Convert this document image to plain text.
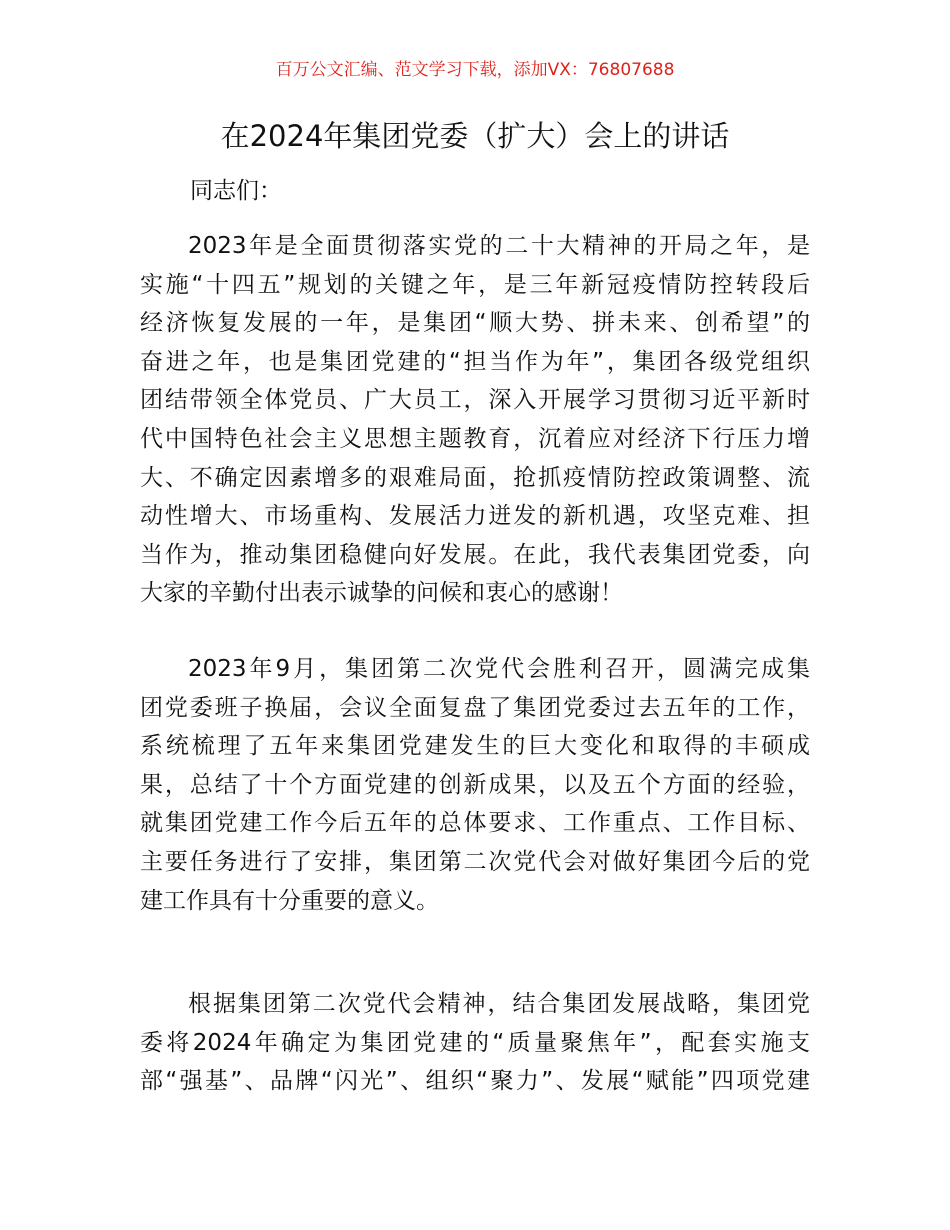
百万公文汇编、范文学习下载，添加VX：76807688
在2024年集团党委（扩大）会上的讲话
同志们：
2023年是全面贯彻落实党的二十大精神的开局之年，是
实施“十四五”规划的关键之年，是三年新冠疫情防控转段后
经济恢复发展的一年，是集团“顺大势、拼未来、创希望”的
奋进之年，也是集团党建的“担当作为年”，集团各级党组织
团结带领全体党员、广大员工，深入开展学习贯彻习近平新时
代中国特色社会主义思想主题教育，沉着应对经济下行压力增
大、不确定因素增多的艰难局面，抢抓疫情防控政策调整、流
动性增大、市场重构、发展活力迸发的新机遇，攻坚克难、担
当作为，推动集团稳健向好发展。在此，我代表集团党委，向
大家的辛勤付出表示诚挚的问候和衷心的感谢！
2023年9月，集团第二次党代会胜利召开，圆满完成集
团党委班子换届，会议全面复盘了集团党委过去五年的工作，
系统梳理了五年来集团党建发生的巨大变化和取得的丰硕成
果，总结了十个方面党建的创新成果，以及五个方面的经验，
就集团党建工作今后五年的总体要求、工作重点、工作目标、
主要任务进行了安排，集团第二次党代会对做好集团今后的党
建工作具有十分重要的意义。
根据集团第二次党代会精神，结合集团发展战略，集团党
委将2024年确定为集团党建的“质量聚焦年”，配套实施支
部“强基”、品牌“闪光”、组织“聚力”、发展“赋能”四项党建
